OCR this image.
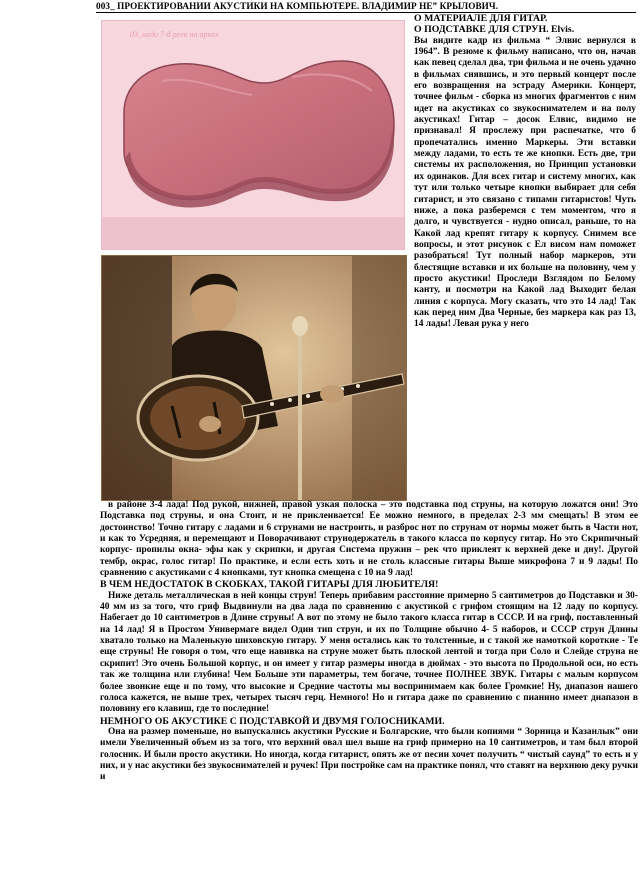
003_ ПРОЕКТИРОВАНИИ АКУСТИКИ НА КОМПЬЮТЕРЕ. ВЛАДИМИР НЕ” КРЫЛОВИЧ.
03_надо 7-8 реек на арках
О МАТЕРИАЛЕ ДЛЯ ГИТАР.
О ПОДСТАВКЕ ДЛЯ СТРУН. Elvis.
Вы видите кадр из фильма “ Элвис вернулся в 1964”. В резюме к фильму написано, что он, начав как певец сделал два, три фильма и не очень удачно в фильмах снявшись, и это первый концерт после его возвращения на эстраду Америки. Концерт, точнее фильм - сборка из многих фрагментов с ним идет на акустиках со звукоснимателем и на полу акустиках! Гитар – досок Елвис, видимо не признавал! Я прослежу при распечатке, что б пропечатались именно Маркеры. Эти вставки между ладами, то есть те же кнопки. Есть две, три системы их расположения, но Принцип установки их одинаков. Для всех гитар и систему многих, как тут или только четыре кнопки выбирает для себя гитарист, и это связано с типами гитаристов! Чуть ниже, а пока разберемся с тем моментом, что я долго, и чувствуется - нудно описал, раньше, то на Какой лад крепят гитару к корпусу. Снимем все вопросы, и этот рисунок с Ел висом нам поможет разобраться! Тут полный набор маркеров, эти блестящие вставки и их больше на половину, чем у просто акустики! Проследи Взглядом по Белому канту, и посмотри на Какой лад Выходит белая линия с корпуса. Могу сказать, что это 14 лад! Так как перед ним Два Черные, без маркера как раз 13, 14 лады! Левая рука у него
в районе 3-4 лада! Под рукой, нижней, правой узкая полоска – это подставка под струны, на которую ложатся они! Это Подставка под струны, и она Стоит, и не приклеивается! Ее можно немного, в пределах 2-3 мм смещать! В этом ее достоинство! Точно гитару с ладами и 6 струнами не настроить, и разброс нот по струнам от нормы может быть в Части нот, и как то Усредняя, и перемещают и Поворачивают струнодержатель в такого класса по корпусу гитар. Но это Скрипичный корпус- пропилы окна- эфы как у скрипки, и другая Система пружин – рек что приклеят к верхней деке и дну!. Другой тембр, окрас, голос гитар! По практике, и если есть хоть и не столь классные гитары Выше микрофона 7 и 9 лады! По сравнению с акустиками с 4 кнопками, тут кнопка смещена с 10 на 9 лад!
В ЧЕМ НЕДОСТАТОК В СКОБКАХ, ТАКОЙ ГИТАРЫ ДЛЯ ЛЮБИТЕЛЯ!
Ниже деталь металлическая в ней концы струн! Теперь прибавим расстояние примерно 5 сантиметров до Подставки и 30- 40 мм из за того, что гриф Выдвинули на два лада по сравнению с акустикой с грифом стоящим на 12 ладу по корпусу. Набегает до 10 сантиметров в Длине струны! А вот по этому не было такого класса гитар в СССР. И на гриф, поставленный на 14 лад! Я в Простом Универмаге видел Один тип струн, и их по Толщине обычно 4- 5 наборов, и СССР струн Длины хватало только на Маленькую шиховскую гитару. У меня остались как то толстенные, и с такой же намоткой короткие - Те еще струны! Не говоря о том, что еще навивка на струне может быть плоской лентой и тогда при Соло и Слейде струна не скрипит! Это очень Большой корпус, и он имеет у гитар размеры иногда в дюймах - это высота по Продольной оси, но есть так же толщина или глубина! Чем Больше эти параметры, тем богаче, точнее ПОЛНЕЕ ЗВУК. Гитары с малым корпусом более звонкие еще и по тому, что высокие и Средние частоты мы воспринимаем как более Громкие! Ну, диапазон нашего голоса кажется, не выше трех, четырех тысяч герц. Немного! Но и гитара даже по сравнению с пианино имеет диапазон в половину его клавиш, где то последние!
НЕМНОГО ОБ АКУСТИКЕ С ПОДСТАВКОЙ И ДВУМЯ ГОЛОСНИКАМИ.
Она на размер поменьше, но выпускались акустики Русские и Болгарские, что были копиями “ Зорница и Казанлык” они имели Увеличенный объем из за того, что верхний овал шел выше на гриф примерно на 10 сантиметров, и там был второй голосник. И были просто акустики. Но иногда, когда гитарист, опять же от песни хочет получить “ чистый саунд” то есть и у них, и у нас акустики без звукоснимателей и ручек! При постройке сам на практике понял, что ставят на верхнюю деку ручки и
